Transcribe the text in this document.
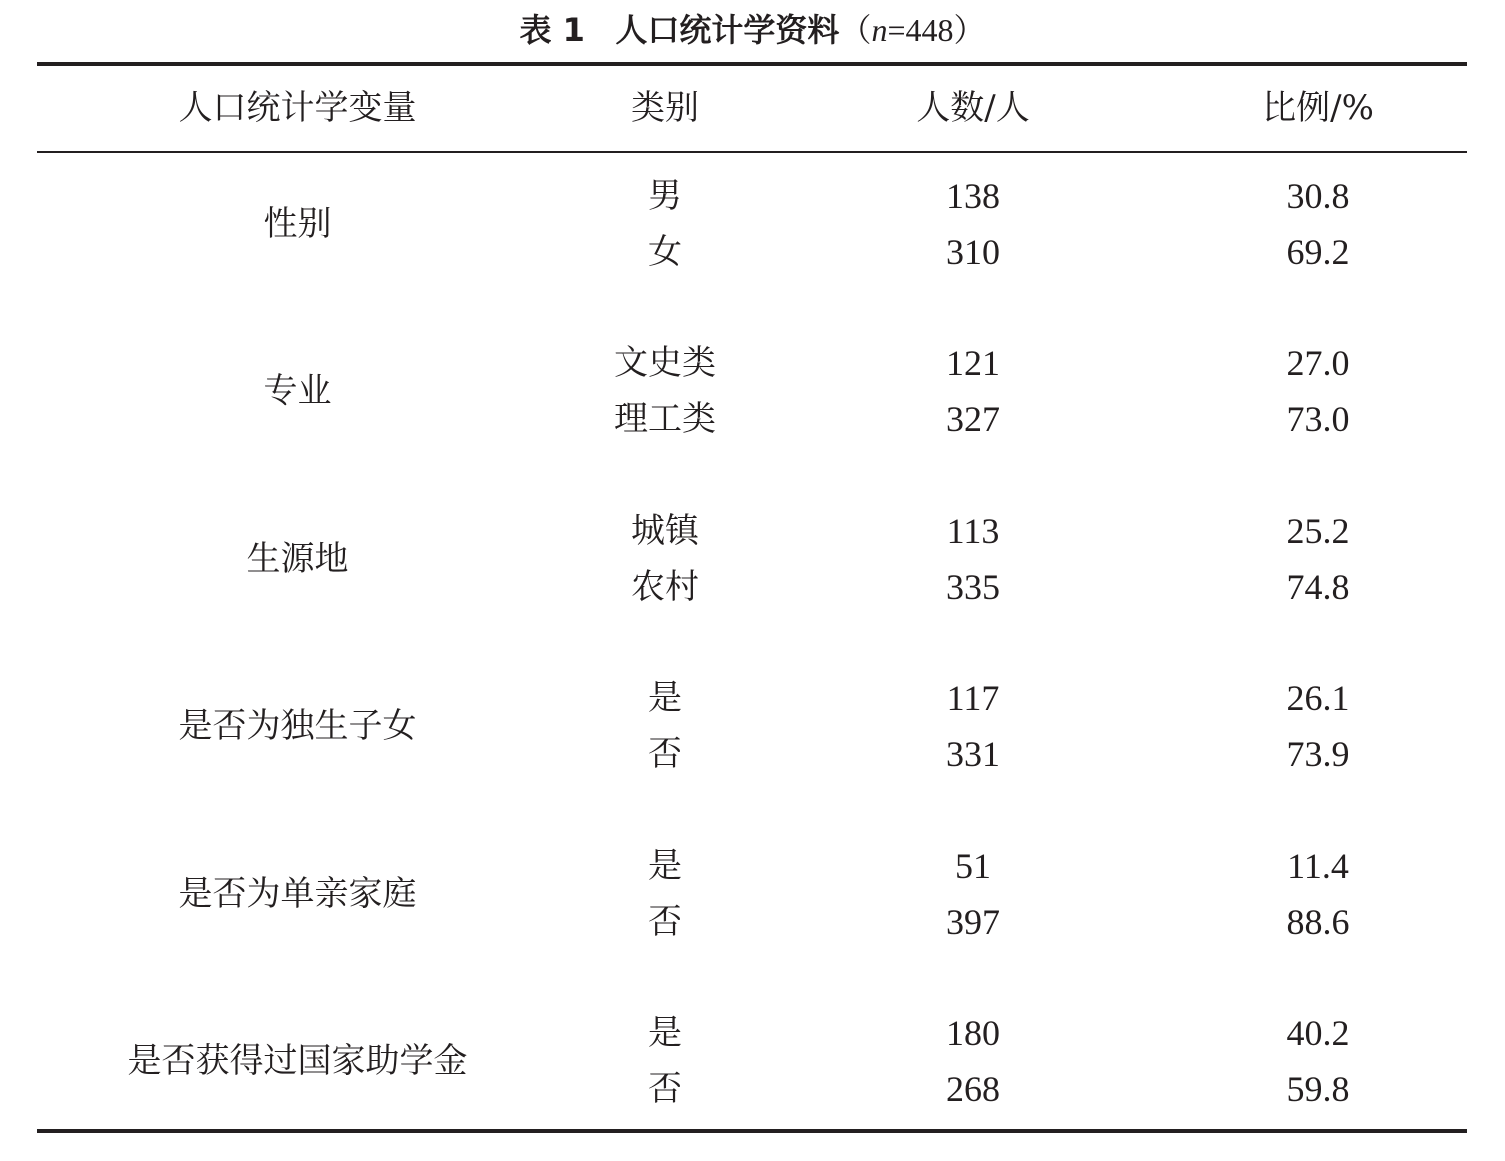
表 1 人口统计学资料（n=448）
人口统计学变量	类别	人数/人	比例/%
性别
男	138	30.8
女	310	69.2
专业
文史类	121	27.0
理工类	327	73.0
生源地
城镇	113	25.2
农村	335	74.8
是否为独生子女
是	117	26.1
否	331	73.9
是否为单亲家庭
是	51	11.4
否	397	88.6
是否获得过国家助学金
是	180	40.2
否	268	59.8
